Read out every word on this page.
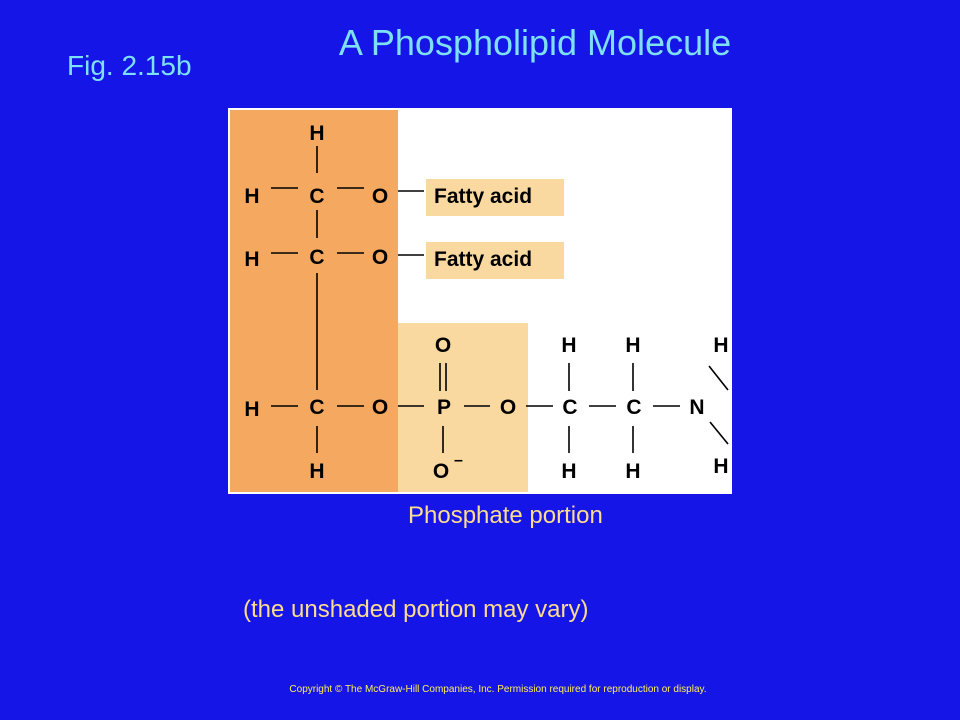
A Phospholipid Molecule
Fig. 2.15b
H
H	C	O	Fatty acid
H	C	O	Fatty acid
O	H	H	H
H	C	O	P	O	C	C	N
H	O –	H	H	H
Phosphate portion
(the unshaded portion may vary)
Copyright © The McGraw-Hill Companies, Inc. Permission required for reproduction or display.
